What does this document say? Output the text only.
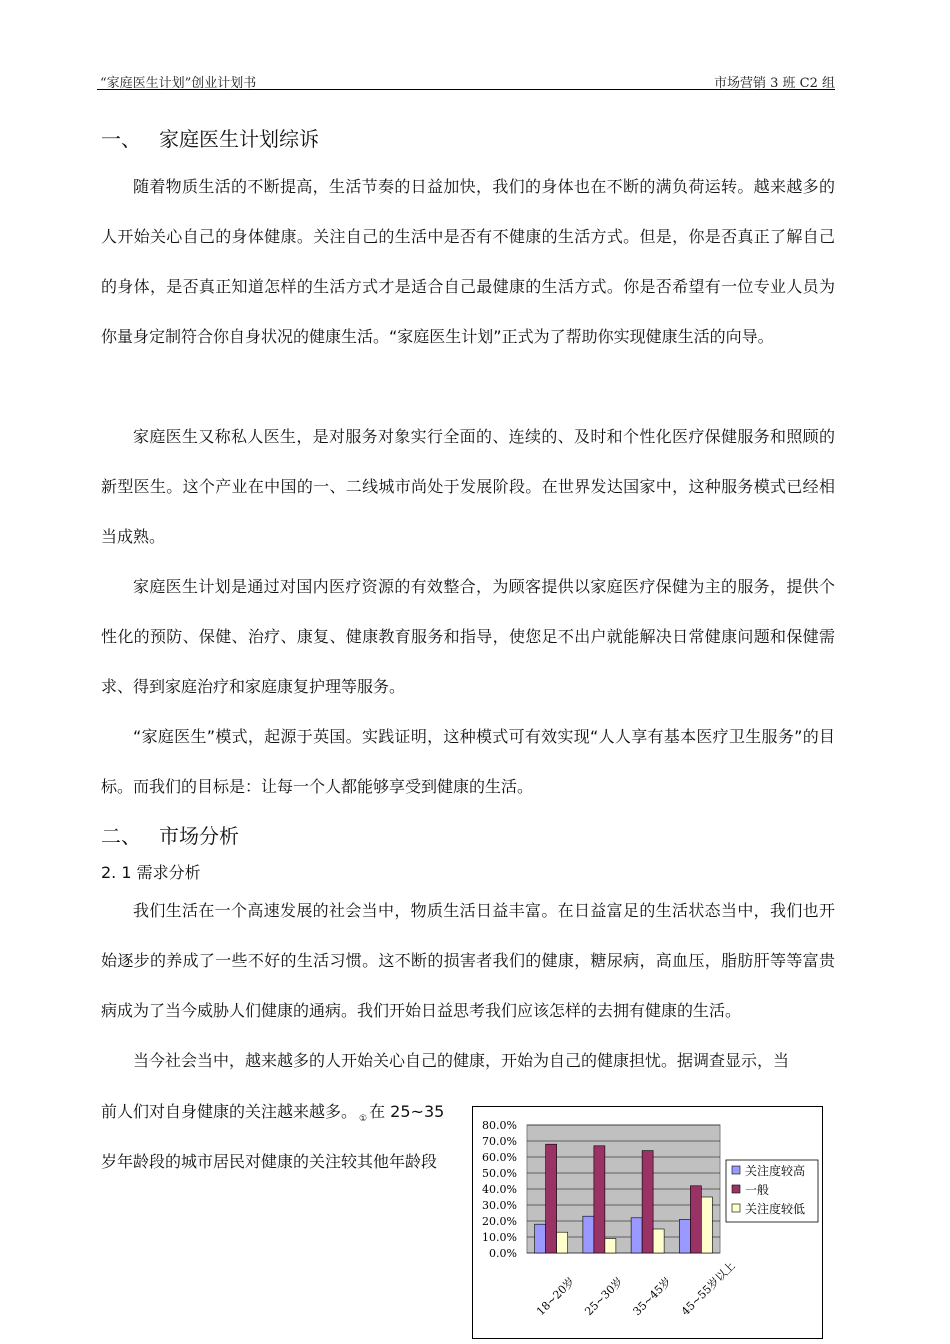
“家庭医生计划”创业计划书	市场营销 3 班 C2 组
一、 家庭医生计划综诉
随着物质生活的不断提高，生活节奏的日益加快，我们的身体也在不断的满负荷运转。越来越多的人开始关心自己的身体健康。关注自己的生活中是否有不健康的生活方式。但是，你是否真正了解自己的身体，是否真正知道怎样的生活方式才是适合自己最健康的生活方式。你是否希望有一位专业人员为你量身定制符合你自身状况的健康生活。“家庭医生计划”正式为了帮助你实现健康生活的向导。
家庭医生又称私人医生，是对服务对象实行全面的、连续的、及时和个性化医疗保健服务和照顾的新型医生。这个产业在中国的一、二线城市尚处于发展阶段。在世界发达国家中，这种服务模式已经相当成熟。
家庭医生计划是通过对国内医疗资源的有效整合，为顾客提供以家庭医疗保健为主的服务，提供个性化的预防、保健、治疗、康复、健康教育服务和指导，使您足不出户就能解决日常健康问题和保健需求、得到家庭治疗和家庭康复护理等服务。
“家庭医生”模式，起源于英国。实践证明，这种模式可有效实现“人人享有基本医疗卫生服务”的目标。而我们的目标是：让每一个人都能够享受到健康的生活。
二、 市场分析
2. 1 需求分析
我们生活在一个高速发展的社会当中，物质生活日益丰富。在日益富足的生活状态当中，我们也开始逐步的养成了一些不好的生活习惯。这不断的损害者我们的健康，糖尿病，高血压，脂肪肝等等富贵病成为了当今威胁人们健康的通病。我们开始日益思考我们应该怎样的去拥有健康的生活。
当今社会当中，越来越多的人开始关心自己的健康，开始为自己的健康担忧。据调查显示，当
前人们对自身健康的关注越来越多。 ① 在 25~35
岁年龄段的城市居民对健康的关注较其他年龄段
80.0%
70.0%
60.0%
50.0%
40.0%
30.0%
20.0%
10.0%
0.0%
18~20岁 25~30岁 35~45岁 45~55岁以上
关注度较高
一般
关注度较低
